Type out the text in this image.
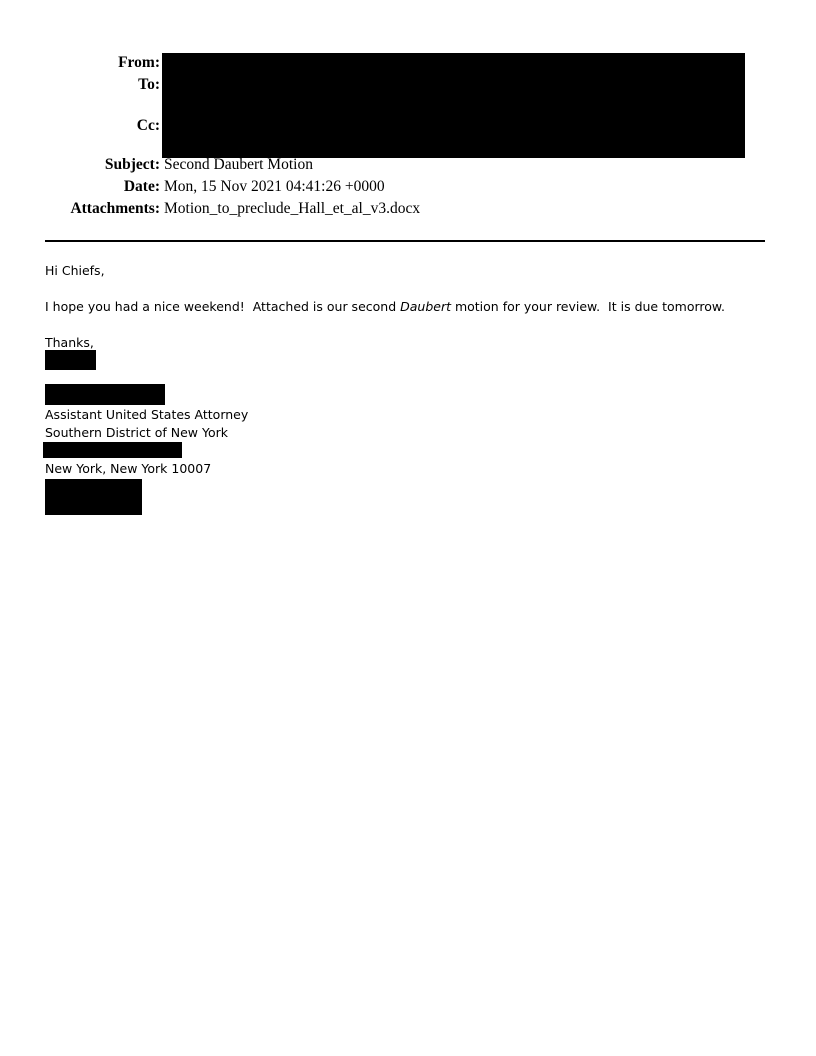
From:
To:
Cc:
Subject: Second Daubert Motion
Date: Mon, 15 Nov 2021 04:41:26 +0000
Attachments: Motion_to_preclude_Hall_et_al_v3.docx
Hi Chiefs,
I hope you had a nice weekend!  Attached is our second Daubert motion for your review.  It is due tomorrow.
Thanks,
Assistant United States Attorney
Southern District of New York
New York, New York 10007
